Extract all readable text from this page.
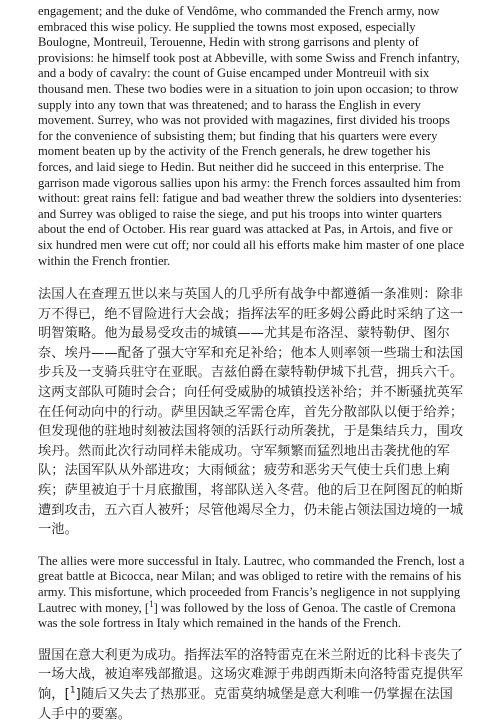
engagement; and the duke of Vendôme, who commanded the French army, now embraced this wise policy. He supplied the towns most exposed, especially Boulogne, Montreuil, Terouenne, Hedin with strong garrisons and plenty of provisions: he himself took post at Abbeville, with some Swiss and French infantry, and a body of cavalry: the count of Guise encamped under Montreuil with six thousand men. These two bodies were in a situation to join upon occasion; to throw supply into any town that was threatened; and to harass the English in every movement. Surrey, who was not provided with magazines, first divided his troops for the convenience of subsisting them; but finding that his quarters were every moment beaten up by the activity of the French generals, he drew together his forces, and laid siege to Hedin. But neither did he succeed in this enterprise. The garrison made vigorous sallies upon his army: the French forces assaulted him from without: great rains fell: fatigue and bad weather threw the soldiers into dysenteries: and Surrey was obliged to raise the siege, and put his troops into winter quarters about the end of October. His rear guard was attacked at Pas, in Artois, and five or six hundred men were cut off; nor could all his efforts make him master of one place within the French frontier.

法国人在查理五世以来与英国人的几乎所有战争中都遵循一条准则：除非万不得已，绝不冒险进行大会战；指挥法军的旺多姆公爵此时采纳了这一明智策略。他为最易受攻击的城镇——尤其是布洛涅、蒙特勒伊、图尔奈、埃丹——配备了强大守军和充足补给；他本人则率领一些瑞士和法国步兵及一支骑兵驻守在亚眠。吉兹伯爵在蒙特勒伊城下扎营，拥兵六千。这两支部队可随时会合；向任何受威胁的城镇投送补给；并不断骚扰英军在任何动向中的行动。萨里因缺乏军需仓库，首先分散部队以便于给养；但发现他的驻地时刻被法国将领的活跃行动所袭扰，于是集结兵力，围攻埃丹。然而此次行动同样未能成功。守军频繁而猛烈地出击袭扰他的军队；法国军队从外部进攻；大雨倾盆；疲劳和恶劣天气使士兵们患上痢疾；萨里被迫于十月底撤围，将部队送入冬营。他的后卫在阿图瓦的帕斯遭到攻击，五六百人被歼；尽管他竭尽全力，仍未能占领法国边境的一城一池。

The allies were more successful in Italy. Lautrec, who commanded the French, lost a great battle at Bicocca, near Milan; and was obliged to retire with the remains of his army. This misfortune, which proceeded from Francis’s negligence in not supplying Lautrec with money, [$^1$] was followed by the loss of Genoa. The castle of Cremona was the sole fortress in Italy which remained in the hands of the French.

盟国在意大利更为成功。指挥法军的洛特雷克在米兰附近的比科卡丧失了一场大战，被迫率残部撤退。这场灾难源于弗朗西斯未向洛特雷克提供军饷，[$^1$]随后又失去了热那亚。克雷莫纳城堡是意大利唯一仍掌握在法国人手中的要塞。
